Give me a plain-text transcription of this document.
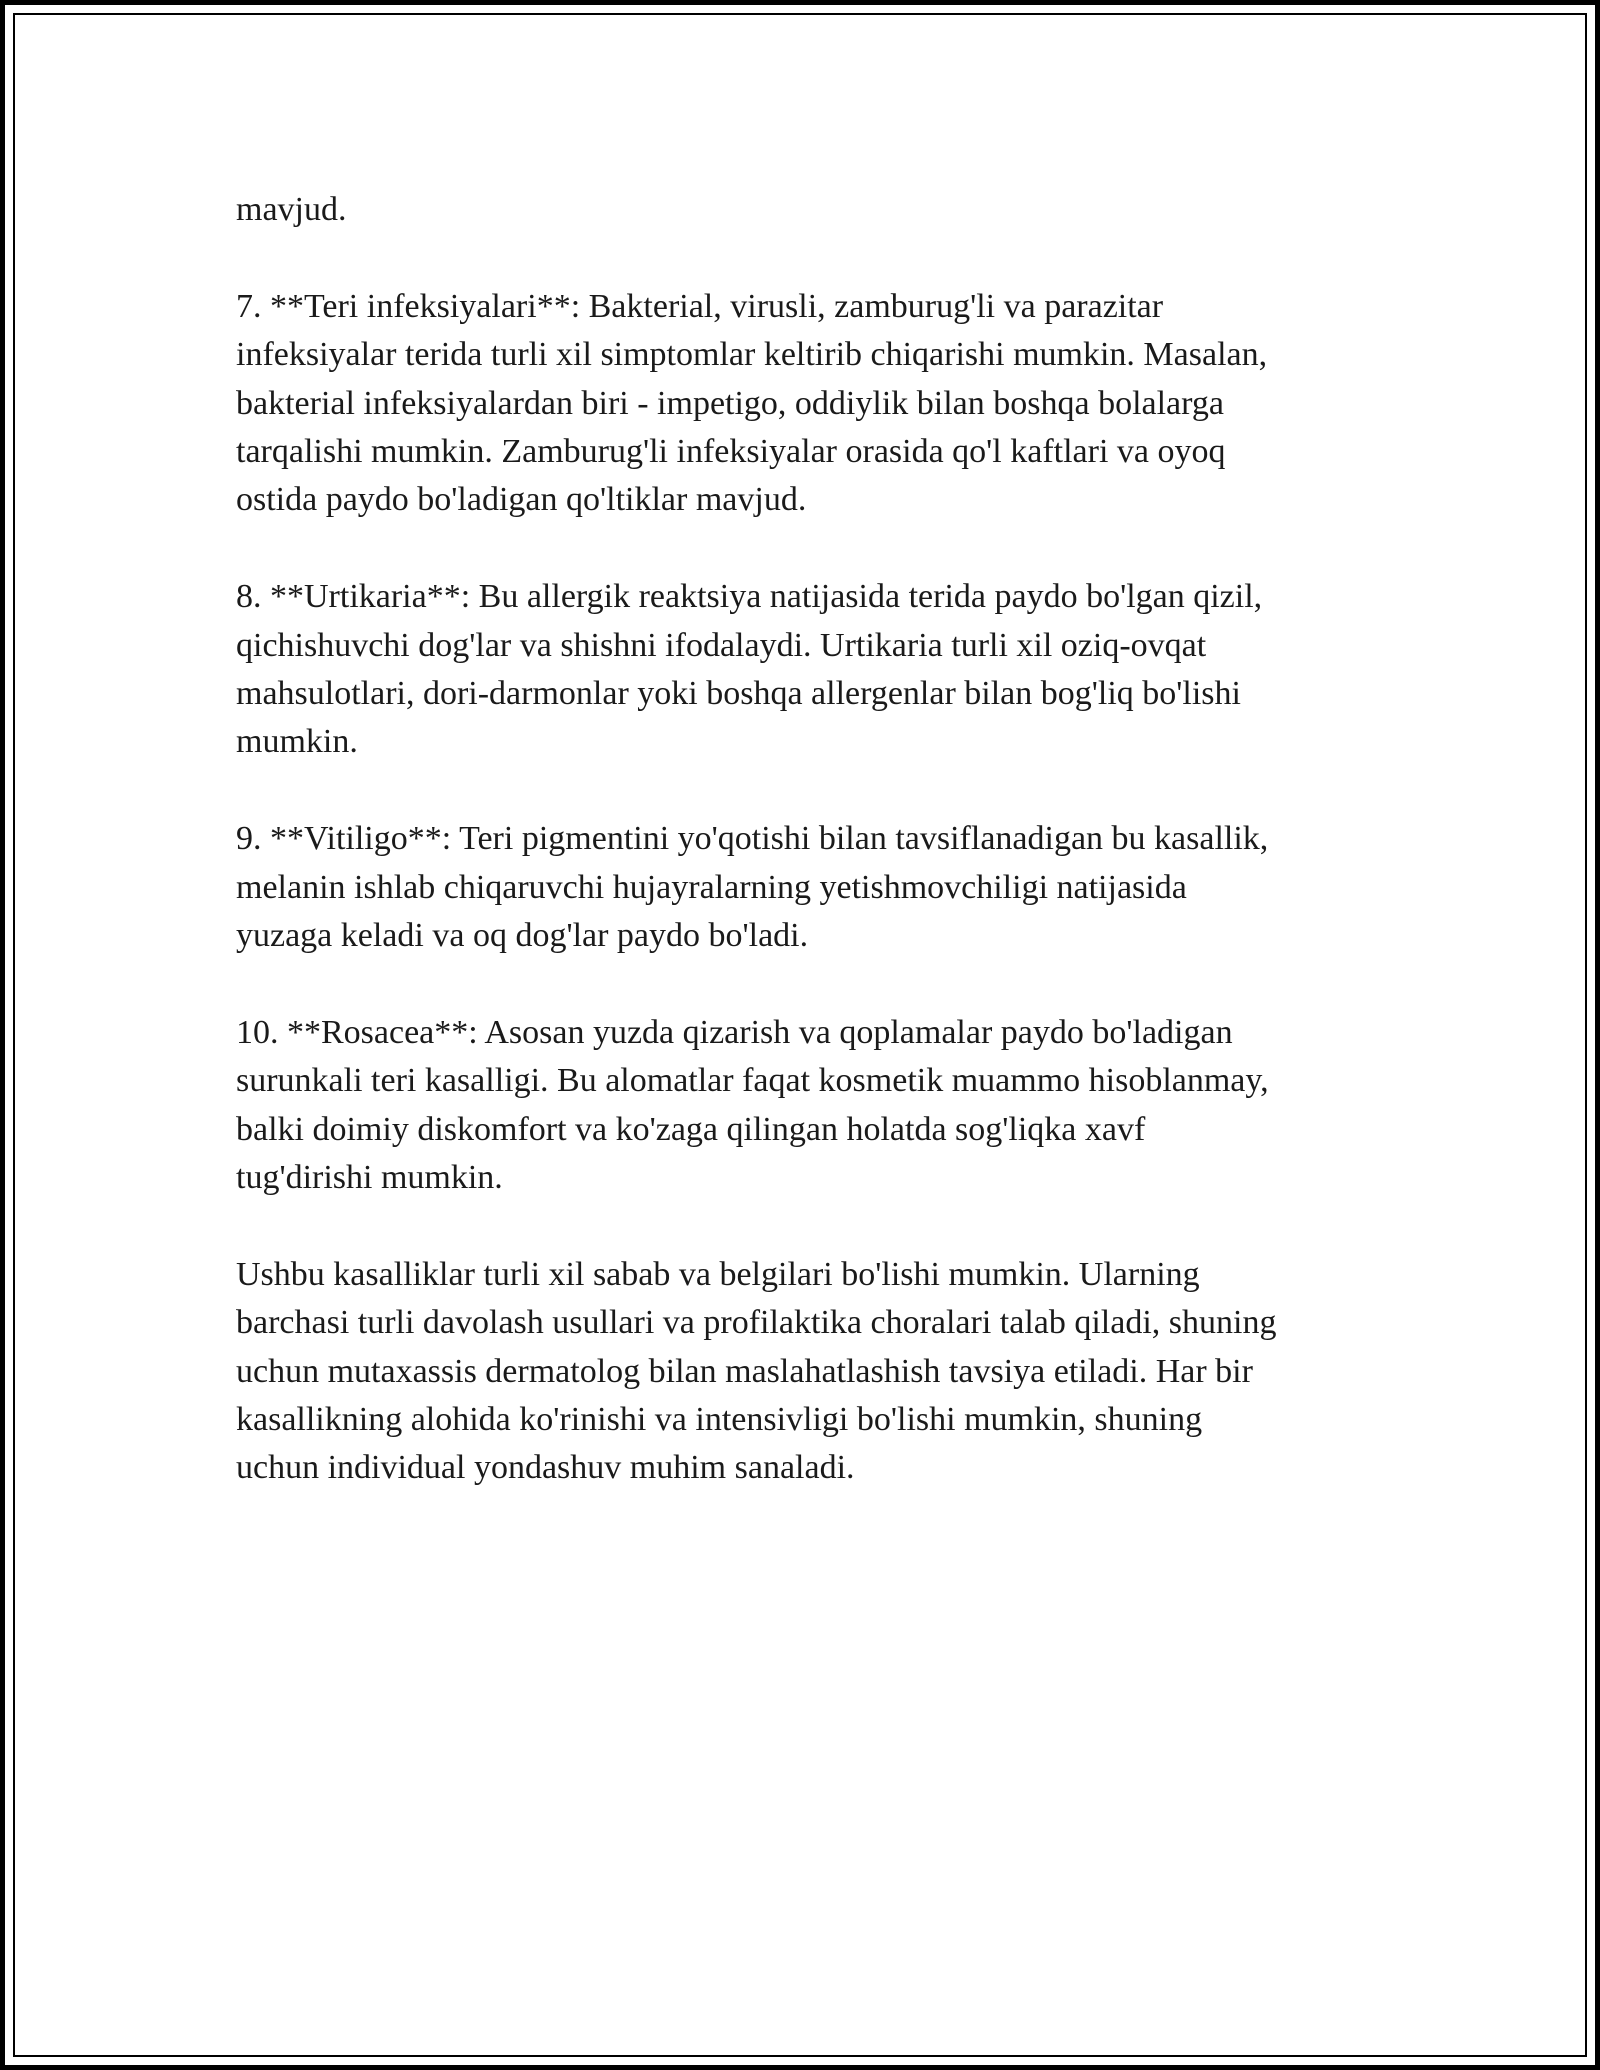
mavjud.

7. **Teri infeksiyalari**: Bakterial, virusli, zamburug'li va parazitar
infeksiyalar terida turli xil simptomlar keltirib chiqarishi mumkin. Masalan,
bakterial infeksiyalardan biri - impetigo, oddiylik bilan boshqa bolalarga
tarqalishi mumkin. Zamburug'li infeksiyalar orasida qo'l kaftlari va oyoq
ostida paydo bo'ladigan qo'ltiklar mavjud.

8. **Urtikaria**: Bu allergik reaktsiya natijasida terida paydo bo'lgan qizil,
qichishuvchi dog'lar va shishni ifodalaydi. Urtikaria turli xil oziq-ovqat
mahsulotlari, dori-darmonlar yoki boshqa allergenlar bilan bog'liq bo'lishi
mumkin.

9. **Vitiligo**: Teri pigmentini yo'qotishi bilan tavsiflanadigan bu kasallik,
melanin ishlab chiqaruvchi hujayralarning yetishmovchiligi natijasida
yuzaga keladi va oq dog'lar paydo bo'ladi.

10. **Rosacea**: Asosan yuzda qizarish va qoplamalar paydo bo'ladigan
surunkali teri kasalligi. Bu alomatlar faqat kosmetik muammo hisoblanmay,
balki doimiy diskomfort va ko'zaga qilingan holatda sog'liqka xavf
tug'dirishi mumkin.

Ushbu kasalliklar turli xil sabab va belgilari bo'lishi mumkin. Ularning
barchasi turli davolash usullari va profilaktika choralari talab qiladi, shuning
uchun mutaxassis dermatolog bilan maslahatlashish tavsiya etiladi. Har bir
kasallikning alohida ko'rinishi va intensivligi bo'lishi mumkin, shuning
uchun individual yondashuv muhim sanaladi.
